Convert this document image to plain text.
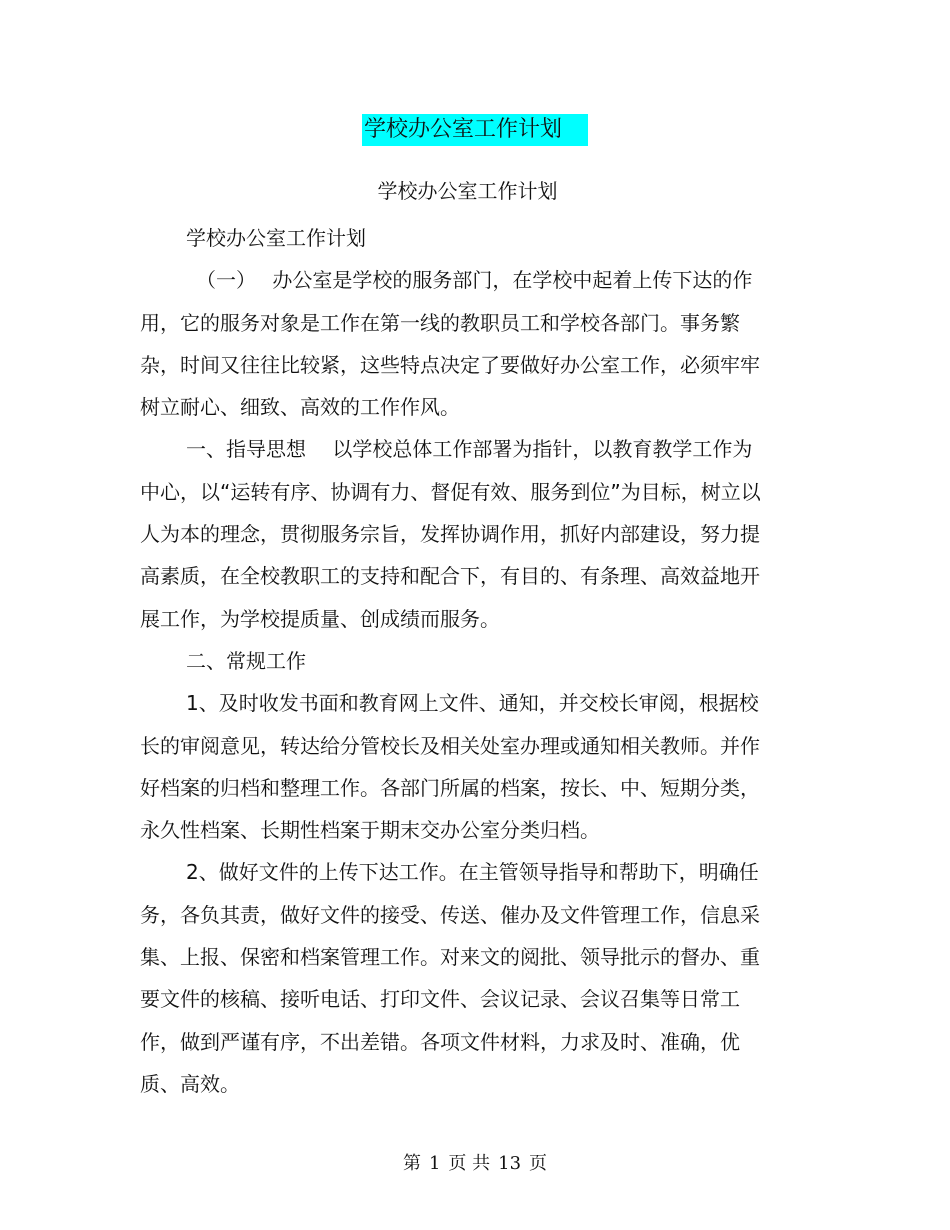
学校办公室工作计划
学校办公室工作计划

学校办公室工作计划

（一）　 办公室是学校的服务部门，在学校中起着上传下达的作用，它的服务对象是工作在第一线的教职员工和学校各部门。事务繁杂，时间又往往比较紧，这些特点决定了要做好办公室工作，必须牢牢树立耐心、细致、高效的工作作风。

一、指导思想　 以学校总体工作部署为指针，以教育教学工作为中心，以“运转有序、协调有力、督促有效、服务到位”为目标，树立以人为本的理念，贯彻服务宗旨，发挥协调作用，抓好内部建设，努力提高素质，在全校教职工的支持和配合下，有目的、有条理、高效益地开展工作，为学校提质量、创成绩而服务。

二、常规工作

1、及时收发书面和教育网上文件、通知，并交校长审阅，根据校长的审阅意见，转达给分管校长及相关处室办理或通知相关教师。并作好档案的归档和整理工作。各部门所属的档案，按长、中、短期分类，永久性档案、长期性档案于期末交办公室分类归档。

2、做好文件的上传下达工作。在主管领导指导和帮助下，明确任务，各负其责，做好文件的接受、传送、催办及文件管理工作，信息采集、上报、保密和档案管理工作。对来文的阅批、领导批示的督办、重要文件的核稿、接听电话、打印文件、会议记录、会议召集等日常工作，做到严谨有序，不出差错。各项文件材料，力求及时、准确，优质、高效。

第 1 页 共 13 页
